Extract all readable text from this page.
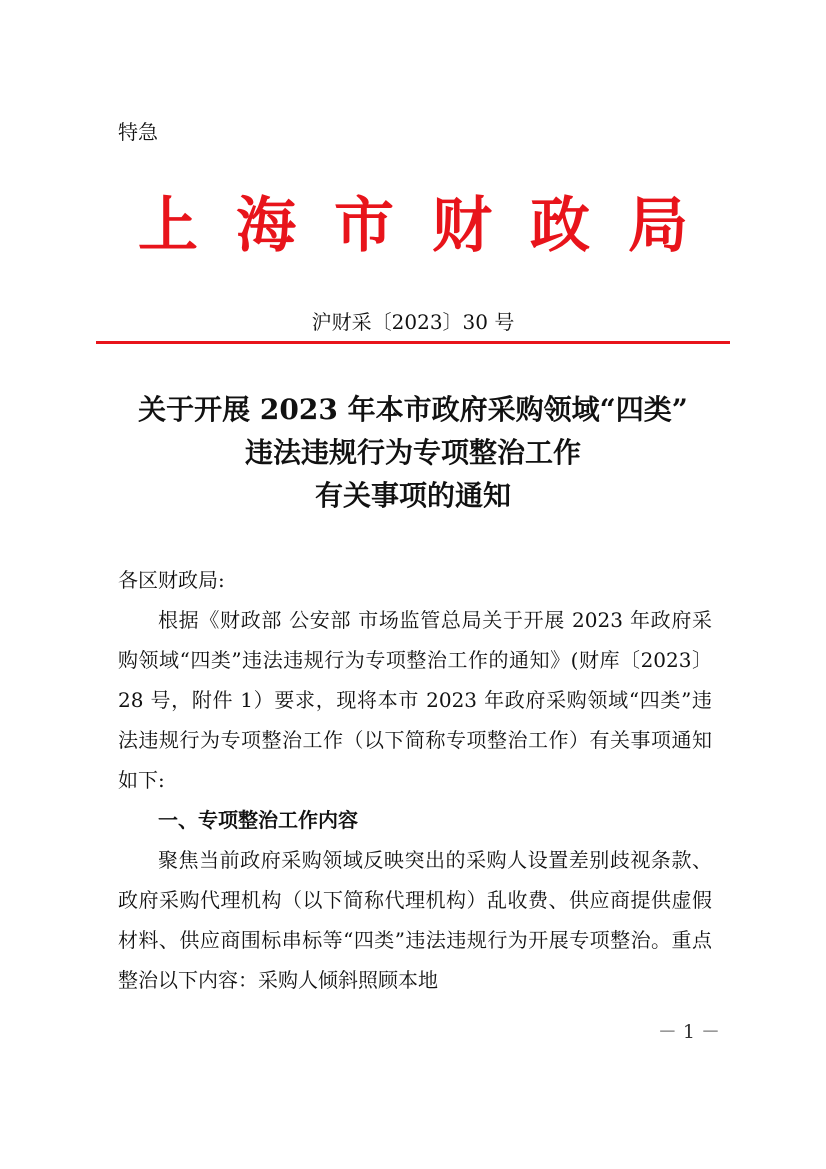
特急
上海市财政局
沪财采〔2023〕30 号
关于开展 2023 年本市政府采购领域“四类”
违法违规行为专项整治工作
有关事项的通知

各区财政局:

根据《财政部 公安部 市场监管总局关于开展 2023 年政府采购领域“四类”违法违规行为专项整治工作的通知》(财库〔2023〕28 号，附件 1）要求，现将本市 2023 年政府采购领域“四类”违法违规行为专项整治工作（以下简称专项整治工作）有关事项通知如下:

一、专项整治工作内容

聚焦当前政府采购领域反映突出的采购人设置差别歧视条款、政府采购代理机构（以下简称代理机构）乱收费、供应商提供虚假材料、供应商围标串标等“四类”违法违规行为开展专项整治。重点整治以下内容：采购人倾斜照顾本地

－ 1 －
